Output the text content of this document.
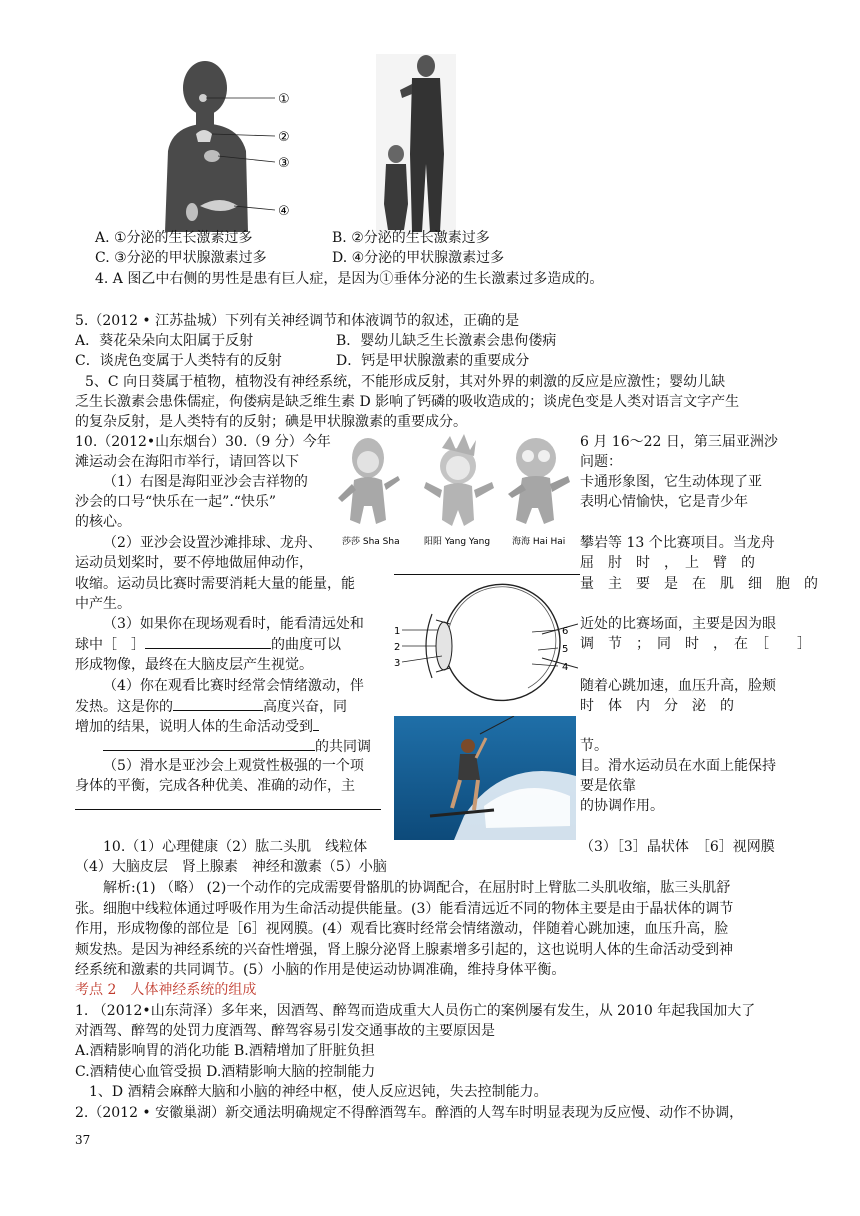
①
②
③
④
A. ①分泌的生长激素过多	B. ②分泌的生长激素过多
C. ③分泌的甲状腺激素过多	D. ④分泌的甲状腺激素过多
4. A 图乙中右侧的男性是患有巨人症，是因为①垂体分泌的生长激素过多造成的。
5.（2012 • 江苏盐城）下列有关神经调节和体液调节的叙述，正确的是
A．葵花朵朵向太阳属于反射	B．婴幼儿缺乏生长激素会患佝偻病
C．谈虎色变属于人类特有的反射	D．钙是甲状腺激素的重要成分
5、C 向日葵属于植物，植物没有神经系统，不能形成反射，其对外界的刺激的反应是应激性；婴幼儿缺
乏生长激素会患侏儒症，佝偻病是缺乏维生素 D 影响了钙磷的吸收造成的；谈虎色变是人类对语言文字产生
的复杂反射，是人类特有的反射；碘是甲状腺激素的重要成分。
10.（2012•山东烟台）30.（9 分）今年
滩运动会在海阳市举行，请回答以下
（1）右图是海阳亚沙会吉祥物的
沙会的口号“快乐在一起”.“快乐”
的核心。
（2）亚沙会设置沙滩排球、龙舟、
运动员划桨时，要不停地做屈伸动作，
收缩。运动员比赛时需要消耗大量的能量，能
中产生。
（3）如果你在现场观看时，能看清远处和
球中［　］	的曲度可以
形成物像，最终在大脑皮层产生视觉。
（4）你在观看比赛时经常会情绪激动，伴
发热。这是你的	高度兴奋，同
增加的结果，说明人体的生命活动受到
的共同调
（5）滑水是亚沙会上观赏性极强的一个项
身体的平衡，完成各种优美、准确的动作，主
6 月 16～22 日，第三届亚洲沙
问题：
卡通形象图，它生动体现了亚
表明心情愉快，它是青少年
攀岩等 13 个比赛项目。当龙舟
屈　肘　时　，　上　臂　的
量　主　要　是　在　肌　细　胞　的
近处的比赛场面，主要是因为眼
调　节　；　同　时　，　在　［　　］
随着心跳加速，血压升高，脸颊
时　体　内　分　泌　的
节。
目。滑水运动员在水面上能保持
要是依靠
的协调作用。
莎莎 Sha Sha	阳阳 Yang Yang 海海 Hai Hai
1
2
3	4
5
6
10.（1）心理健康（2）肱二头肌　线粒体	（3）［3］晶状体　［6］视网膜
（4）大脑皮层　肾上腺素　神经和激素（5）小脑
解析:(1) （略） (2)一个动作的完成需要骨骼肌的协调配合，在屈肘时上臂肱二头肌收缩，肱三头肌舒
张。细胞中线粒体通过呼吸作用为生命活动提供能量。(3）能看清远近不同的物体主要是由于晶状体的调节
作用，形成物像的部位是［6］视网膜。(4）观看比赛时经常会情绪激动，伴随着心跳加速，血压升高，脸
颊发热。是因为神经系统的兴奋性增强，肾上腺分泌肾上腺素增多引起的，这也说明人体的生命活动受到神
经系统和激素的共同调节。(5）小脑的作用是使运动协调准确，维持身体平衡。
考点 2　人体神经系统的组成
1. （2012•山东菏泽）多年来，因酒驾、醉驾而造成重大人员伤亡的案例屡有发生，从 2010 年起我国加大了
对酒驾、醉驾的处罚力度酒驾、醉驾容易引发交通事故的主要原因是
A.酒精影响胃的消化功能 B.酒精增加了肝脏负担
C.酒精使心血管受损 D.酒精影响大脑的控制能力
1、D 酒精会麻醉大脑和小脑的神经中枢，使人反应迟钝，失去控制能力。
2.（2012 • 安徽巢湖）新交通法明确规定不得醉酒驾车。醉酒的人驾车时明显表现为反应慢、动作不协调，
37
